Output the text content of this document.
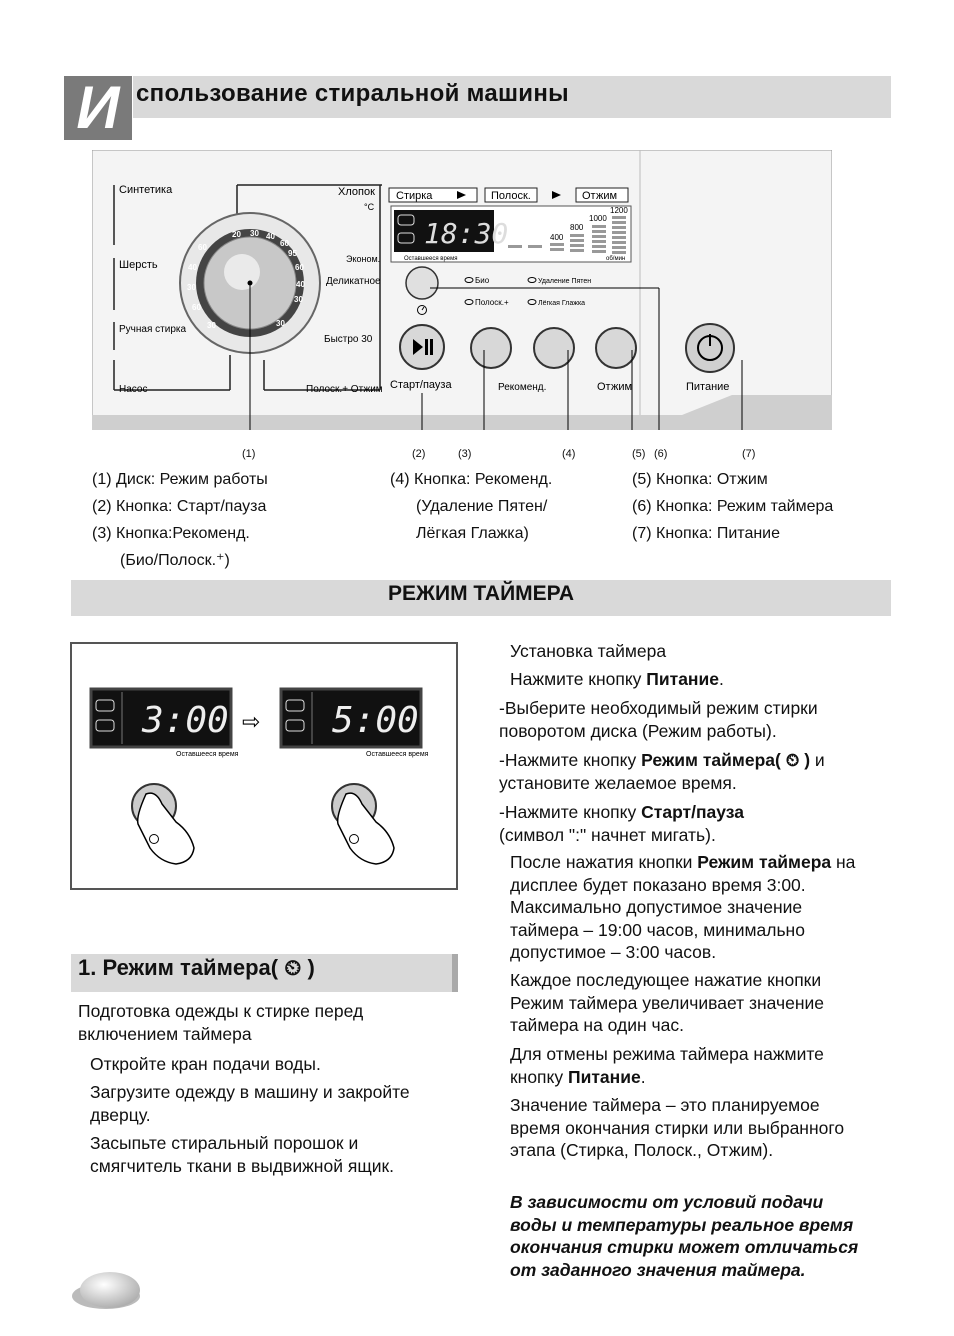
И спользование стиральной машины
Синтетика
Шерсть
Ручная стирка
Насос
Хлопок
°C
Эконом.
Деликатное
Быстро 30
Полоск.+ Отжим
20 30 40
60
95
60
40
30
30
60
40
30
60
30
Стирка	Полоск.	Отжим
18:30
Оставшееся время
400
800
1000
1200
об/мин
Био	Удаление Пятен
Полоск.+	Лёгкая Глажка
Старт/пауза	Рекоменд.	Отжим	Питание
(1)	(2)	(3)	(4)	(5) (6)	(7)
(1) Диск: Режим работы
(2) Кнопка: Старт/пауза
(3) Кнопка:Рекоменд.
(Био/Полоск.⁺)
(4) Кнопка: Рекоменд.
(Удаление Пятен/
Лёгкая Глажка)
(5) Кнопка: Отжим
(6) Кнопка: Режим таймера
(7) Кнопка: Питание
РЕЖИМ ТАЙМЕРА
3:00
Оставшееся время
⇨ 5:00
Оставшееся время
1. Режим таймера( ⏲ )
Подготовка одежды к стирке перед включением таймера
Откройте кран подачи воды.
Загрузите одежду в машину и закройте дверцу.
Засыпьте стиральный порошок и смягчитель ткани в выдвижной ящик.
Установка таймера
Нажмите кнопку Питание.
-Выберите необходимый режим стирки поворотом диска (Режим работы).
-Нажмите кнопку Режим таймера( ⏲ ) и установите желаемое время.
-Нажмите кнопку Старт/пауза
(символ ":" начнет мигать).
После нажатия кнопки Режим таймера на дисплее будет показано время 3:00. Максимально допустимое значение таймера – 19:00 часов, минимально допустимое – 3:00 часов.
Каждое последующее нажатие кнопки Режим таймера увеличивает значение таймера на один час.
Для отмены режима таймера нажмите кнопку Питание.
Значение таймера – это планируемое время окончания стирки или выбранного этапа (Стирка, Полоск., Отжим).
В зависимости от условий подачи воды и температуры реальное время окончания стирки может отличаться от заданного значения таймера.
